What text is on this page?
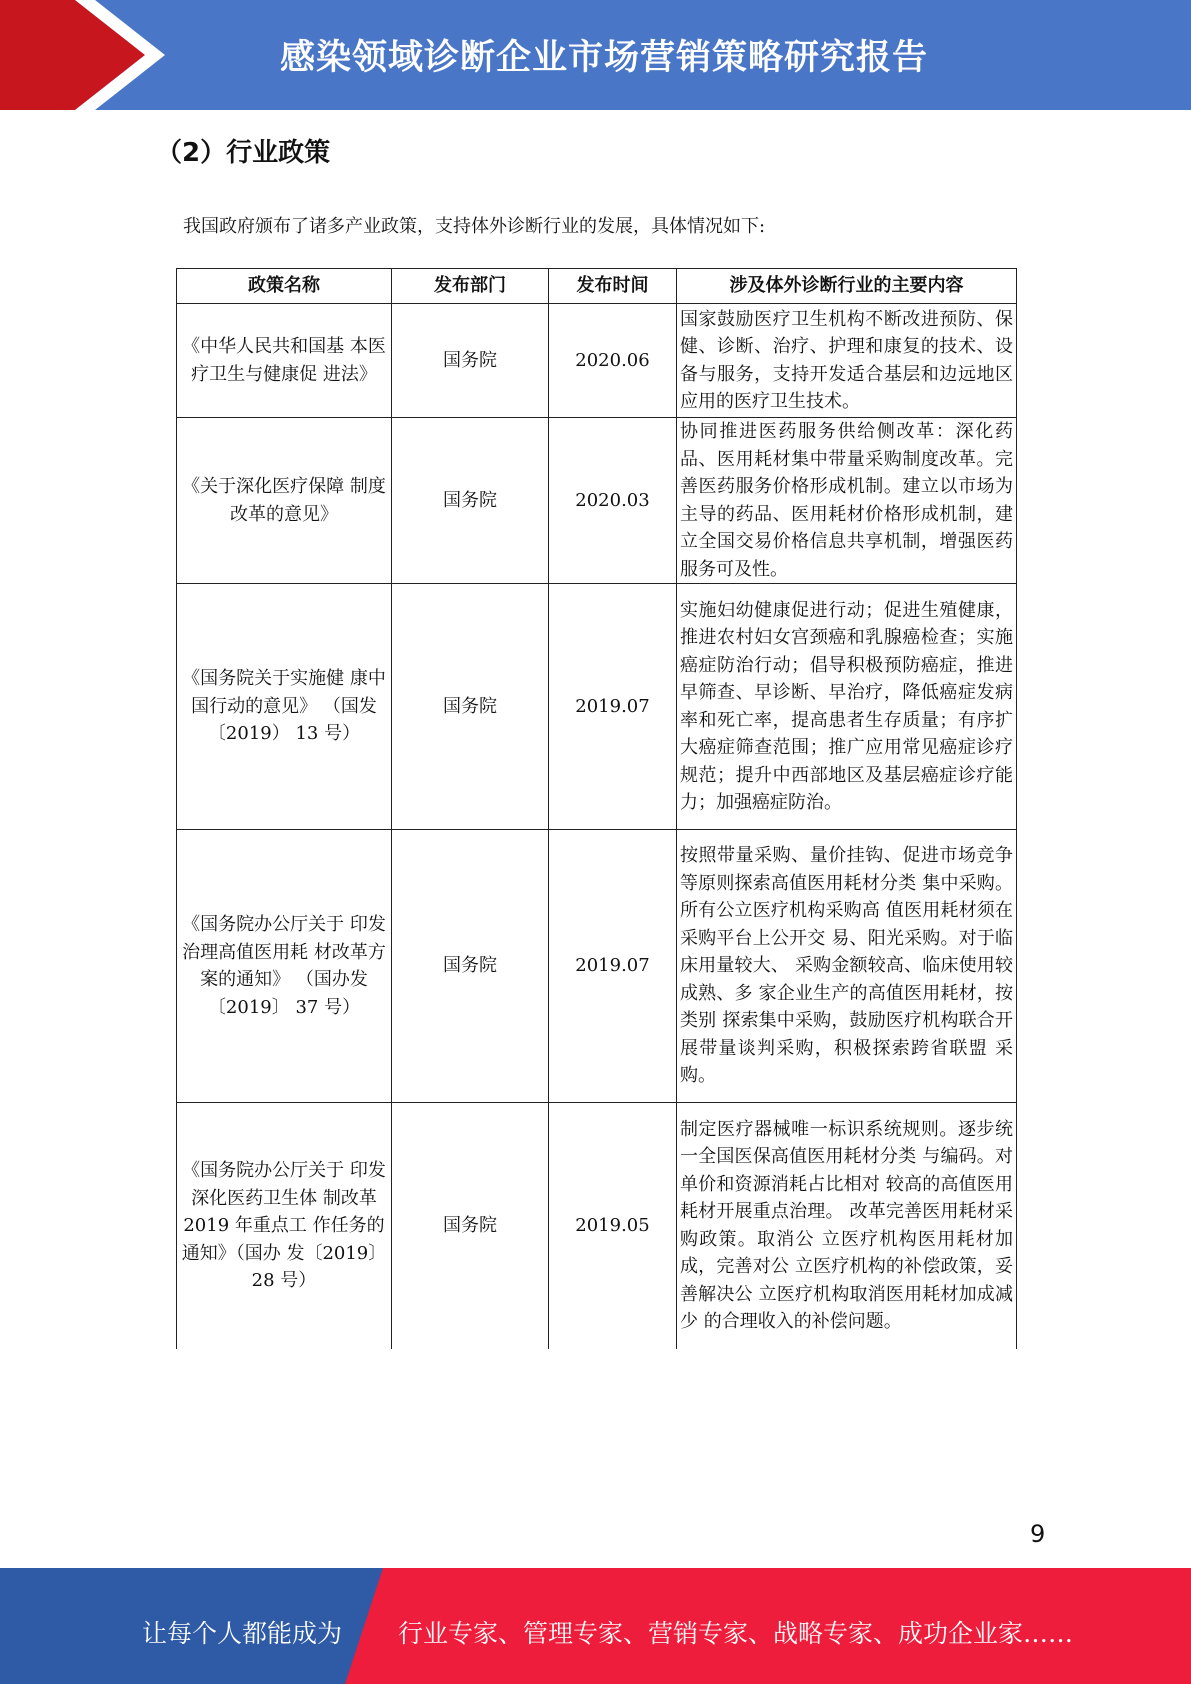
感染领域诊断企业市场营销策略研究报告
（2）行业政策
我国政府颁布了诸多产业政策，支持体外诊断行业的发展，具体情况如下:
政策名称	发布部门	发布时间	涉及体外诊断行业的主要内容
《中华人民共和国基 本医疗卫生与健康促 进法》	国务院	2020.06	国家鼓励医疗卫生机构不断改进预防、保健、诊断、治疗、护理和康复的技术、设备与服务，支持开发适合基层和边远地区应用的医疗卫生技术。
《关于深化医疗保障 制度改革的意见》	国务院	2020.03	协同推进医药服务供给侧改革：深化药品、医用耗材集中带量采购制度改革。完善医药服务价格形成机制。建立以市场为主导的药品、医用耗材价格形成机制，建立全国交易价格信息共享机制，增强医药服务可及性。
《国务院关于实施健 康中国行动的意见》 （国发〔2019） 13 号）	国务院	2019.07	实施妇幼健康促进行动；促进生殖健康，推进农村妇女宫颈癌和乳腺癌检查；实施癌症防治行动；倡导积极预防癌症，推进早筛查、早诊断、早治疗，降低癌症发病率和死亡率，提高患者生存质量；有序扩大癌症筛查范围；推广应用常见癌症诊疗规范；提升中西部地区及基层癌症诊疗能力；加强癌症防治。
《国务院办公厅关于 印发治理高值医用耗 材改革方案的通知》 （国办发〔2019〕 37 号）	国务院	2019.07	按照带量采购、量价挂钩、促进市场竞争等原则探索高值医用耗材分类 集中采购。所有公立医疗机构采购高 值医用耗材须在采购平台上公开交 易、阳光采购。对于临床用量较大、 采购金额较高、临床使用较成熟、多 家企业生产的高值医用耗材，按类别 探索集中采购，鼓励医疗机构联合开 展带量谈判采购，积极探索跨省联盟 采购。
《国务院办公厅关于 印发深化医药卫生体 制改革 2019 年重点工 作任务的通知》（国办 发〔2019〕 28 号）	国务院	2019.05	制定医疗器械唯一标识系统规则。逐步统一全国医保高值医用耗材分类 与编码。对单价和资源消耗占比相对 较高的高值医用耗材开展重点治理。 改革完善医用耗材采购政策。取消公 立医疗机构医用耗材加成，完善对公 立医疗机构的补偿政策，妥善解决公 立医疗机构取消医用耗材加成减少 的合理收入的补偿问题。
9
让每个人都能成为 行业专家、管理专家、营销专家、战略专家、成功企业家……
